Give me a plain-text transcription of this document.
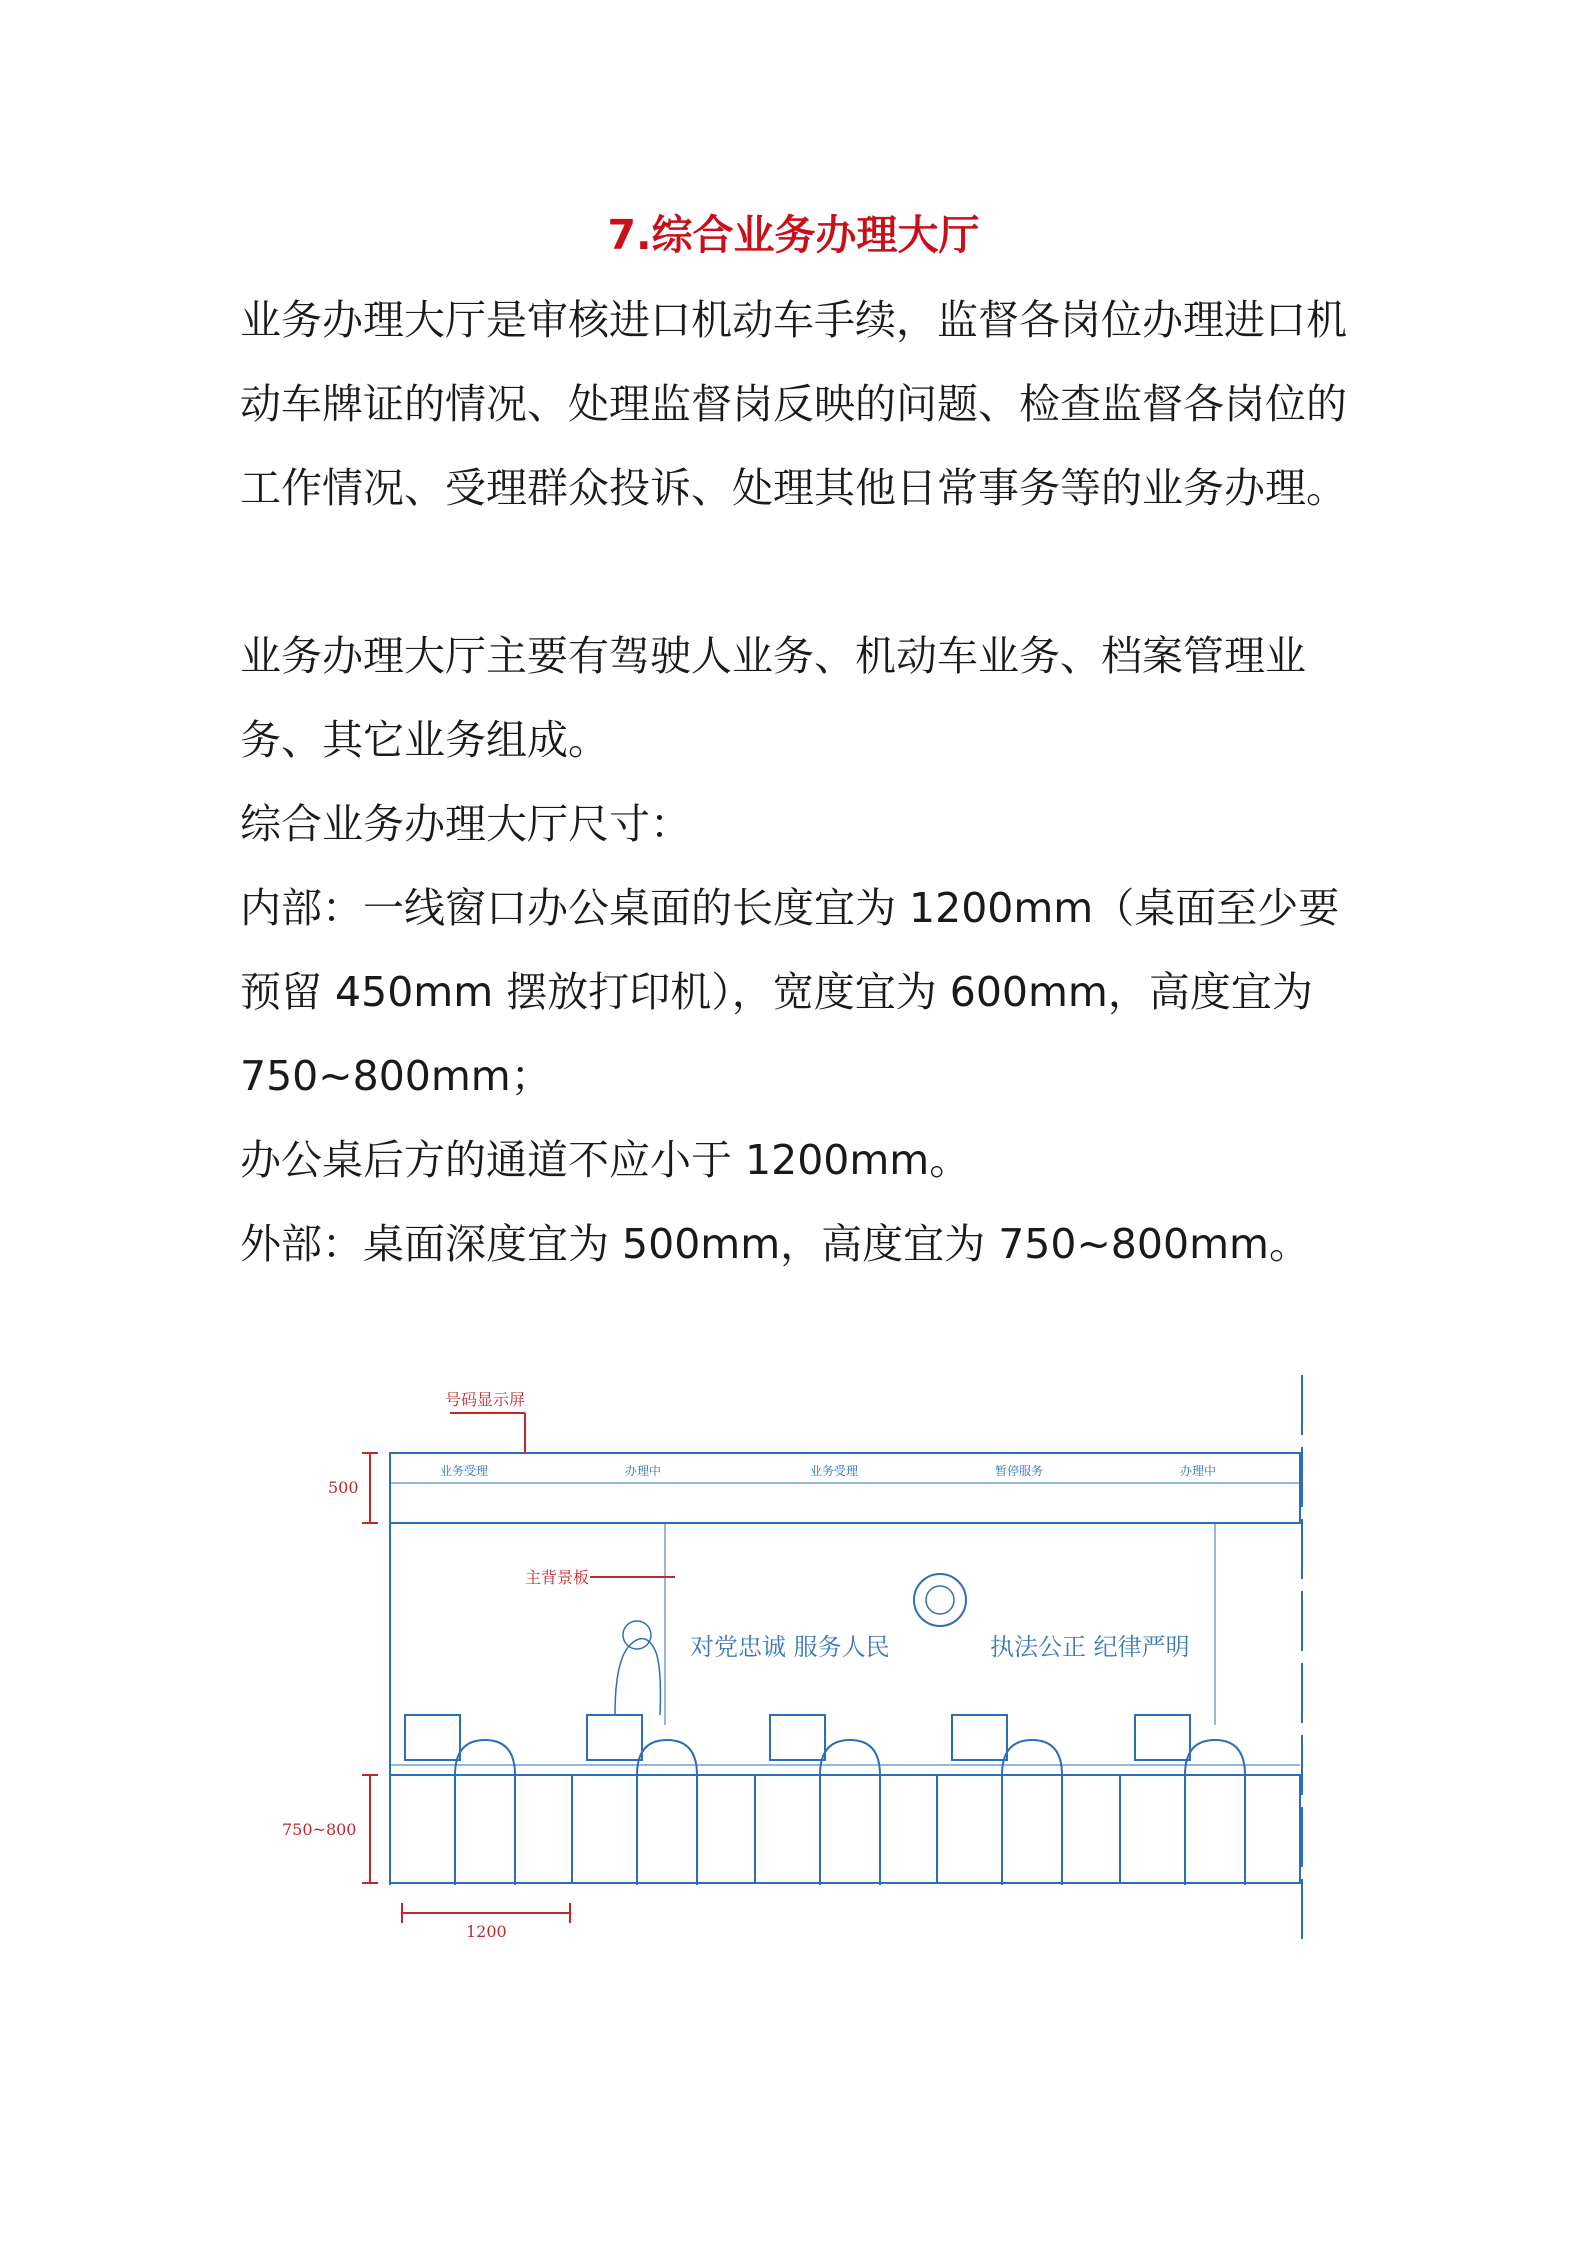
7.综合业务办理大厅

业务办理大厅是审核进口机动车手续，监督各岗位办理进口机动车牌证的情况、处理监督岗反映的问题、检查监督各岗位的工作情况、受理群众投诉、处理其他日常事务等的业务办理。

业务办理大厅主要有驾驶人业务、机动车业务、档案管理业务、其它业务组成。

综合业务办理大厅尺寸：

内部：一线窗口办公桌面的长度宜为 1200mm（桌面至少要预留 450mm 摆放打印机），宽度宜为 600mm，高度宜为750~800mm；

办公桌后方的通道不应小于 1200mm。

外部：桌面深度宜为 500mm，高度宜为 750~800mm。

号码显示屏
主背景板
500
750~800
1200
业务受理	办理中	业务受理	暂停服务	办理中
对党忠诚 服务人民	执法公正 纪律严明
